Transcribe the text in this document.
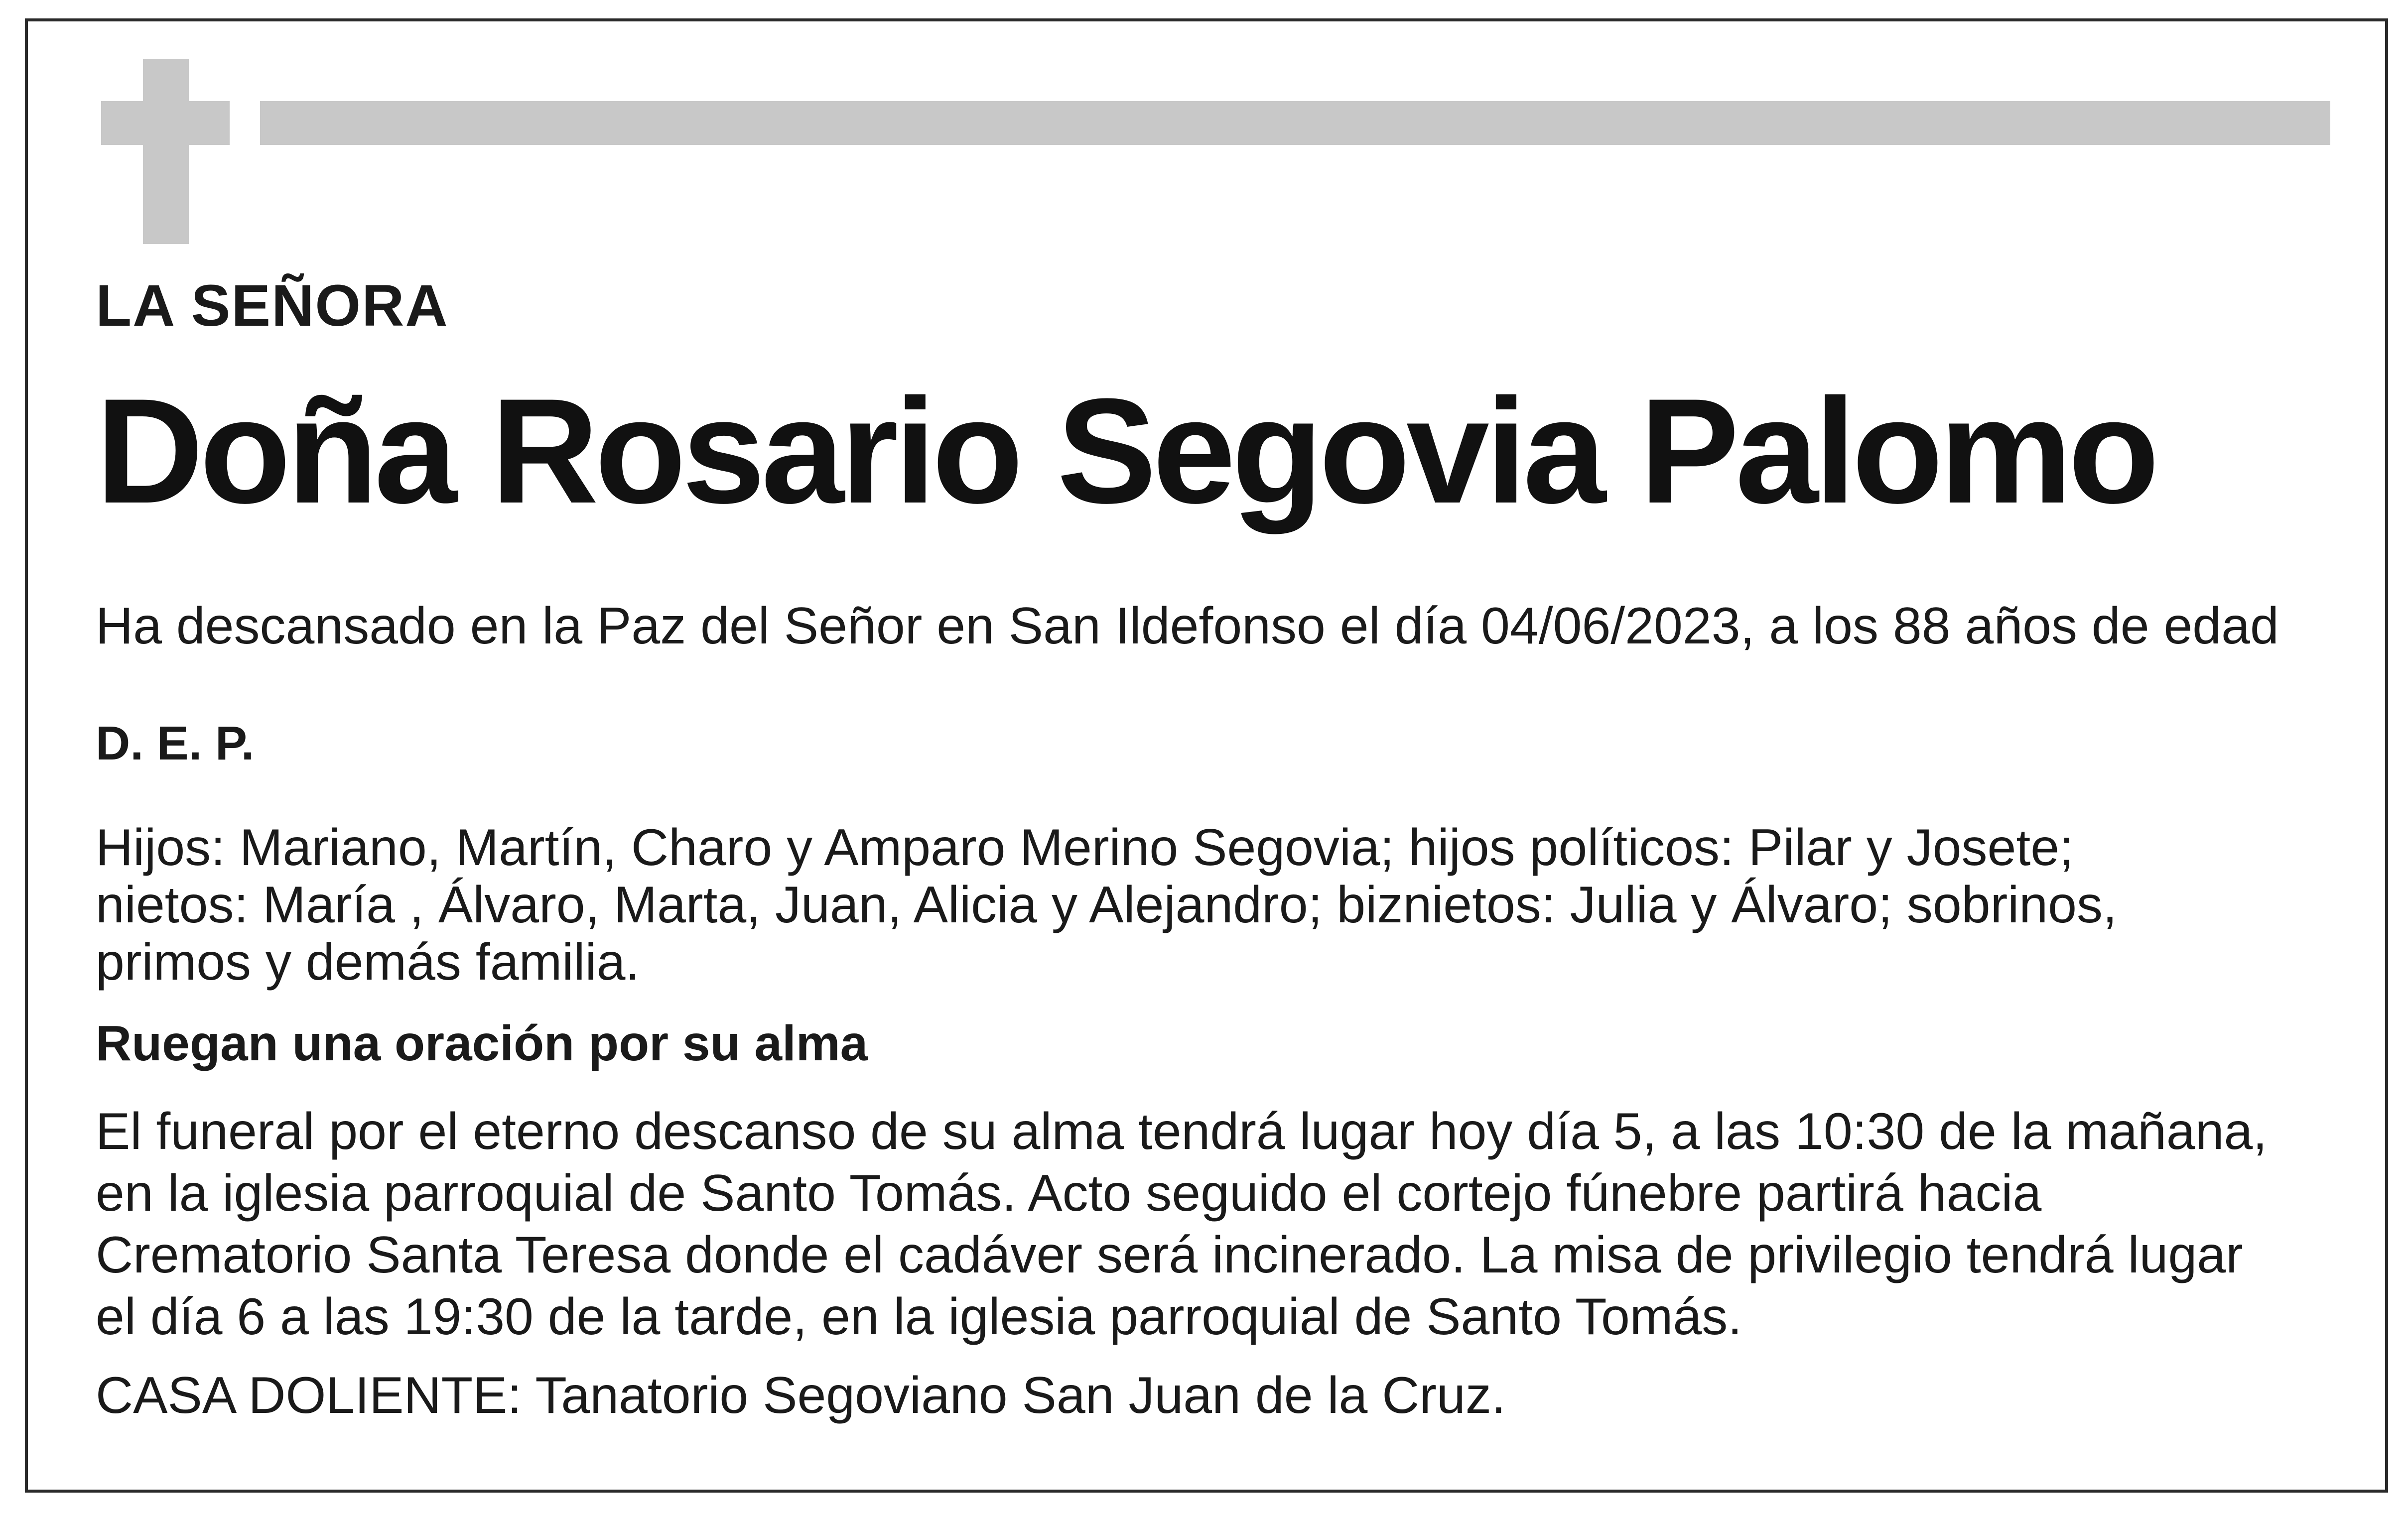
LA SEÑORA

Doña Rosario Segovia Palomo

Ha descansado en la Paz del Señor en San Ildefonso el día 04/06/2023, a los 88 años de edad

D. E. P.

Hijos: Mariano, Martín, Charo y Amparo Merino Segovia; hijos políticos: Pilar y Josete;
nietos: María , Álvaro, Marta, Juan, Alicia y Alejandro; biznietos: Julia y Álvaro; sobrinos,
primos y demás familia.

Ruegan una oración por su alma

El funeral por el eterno descanso de su alma tendrá lugar hoy día 5, a las 10:30 de la mañana,
en la iglesia parroquial de Santo Tomás. Acto seguido el cortejo fúnebre partirá hacia
Crematorio Santa Teresa donde el cadáver será incinerado. La misa de privilegio tendrá lugar
el día 6 a las 19:30 de la tarde, en la iglesia parroquial de Santo Tomás.

CASA DOLIENTE: Tanatorio Segoviano San Juan de la Cruz.
